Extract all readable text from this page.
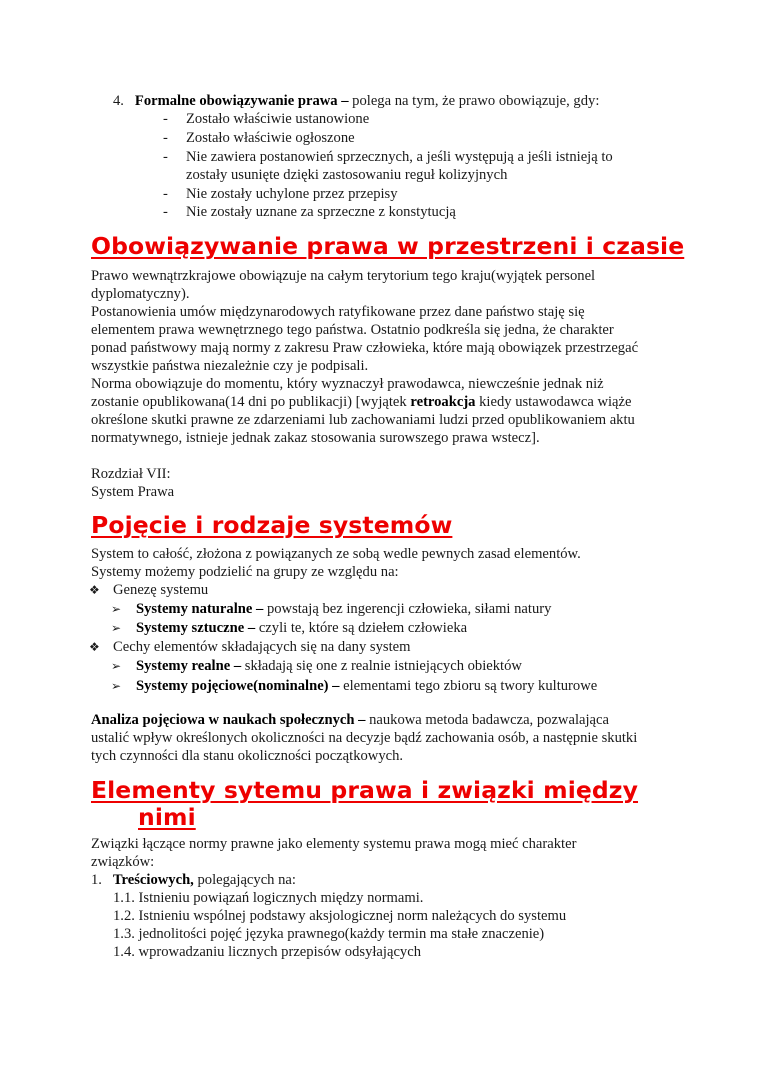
4. Formalne obowiązywanie prawa – polega na tym, że prawo obowiązuje, gdy:
- Zostało właściwie ustanowione
- Zostało właściwie ogłoszone
- Nie zawiera postanowień sprzecznych, a jeśli występują a jeśli istnieją to
zostały usunięte dzięki zastosowaniu reguł kolizyjnych
- Nie zostały uchylone przez przepisy
- Nie zostały uznane za sprzeczne z konstytucją
Obowiązywanie prawa w przestrzeni i czasie
Prawo wewnątrzkrajowe obowiązuje na całym terytorium tego kraju(wyjątek personel
dyplomatyczny).
Postanowienia umów międzynarodowych ratyfikowane przez dane państwo staję się
elementem prawa wewnętrznego tego państwa. Ostatnio podkreśla się jedna, że charakter
ponad państwowy mają normy z zakresu Praw człowieka, które mają obowiązek przestrzegać
wszystkie państwa niezależnie czy je podpisali.
Norma obowiązuje do momentu, który wyznaczył prawodawca, niewcześnie jednak niż
zostanie opublikowana(14 dni po publikacji) [wyjątek retroakcja kiedy ustawodawca wiąże
określone skutki prawne ze zdarzeniami lub zachowaniami ludzi przed opublikowaniem aktu
normatywnego, istnieje jednak zakaz stosowania surowszego prawa wstecz].
Rozdział VII:
System Prawa
Pojęcie i rodzaje systemów
System to całość, złożona z powiązanych ze sobą wedle pewnych zasad elementów.
Systemy możemy podzielić na grupy ze względu na:
❖ Genezę systemu
➢ Systemy naturalne – powstają bez ingerencji człowieka, siłami natury
➢ Systemy sztuczne – czyli te, które są dziełem człowieka
❖ Cechy elementów składających się na dany system
➢ Systemy realne – składają się one z realnie istniejących obiektów
➢ Systemy pojęciowe(nominalne) – elementami tego zbioru są twory kulturowe
Analiza pojęciowa w naukach społecznych – naukowa metoda badawcza, pozwalająca
ustalić wpływ określonych okoliczności na decyzje bądź zachowania osób, a następnie skutki
tych czynności dla stanu okoliczności początkowych.
Elementy sytemu prawa i związki między
nimi
Związki łączące normy prawne jako elementy systemu prawa mogą mieć charakter
związków:
1. Treściowych, polegających na:
1.1. Istnieniu powiązań logicznych między normami.
1.2. Istnieniu wspólnej podstawy aksjologicznej norm należących do systemu
1.3. jednolitości pojęć języka prawnego(każdy termin ma stałe znaczenie)
1.4. wprowadzaniu licznych przepisów odsyłających
